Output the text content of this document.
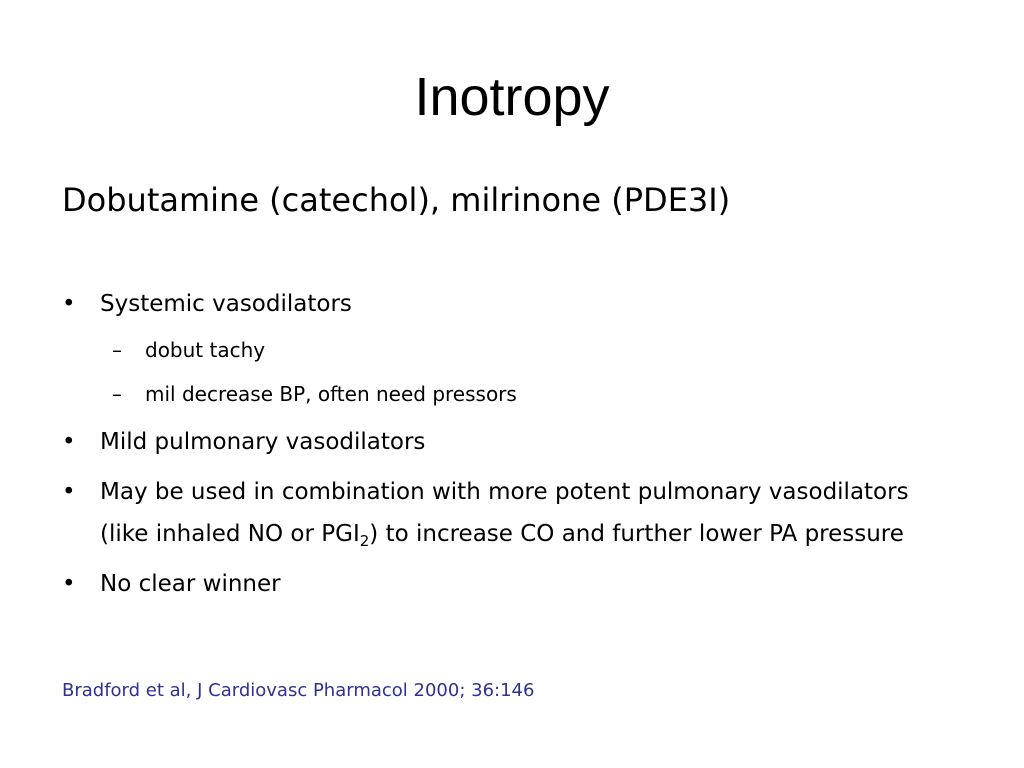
Inotropy
Dobutamine (catechol), milrinone (PDE3I)
• Systemic vasodilators
– dobut tachy
– mil decrease BP, often need pressors
• Mild pulmonary vasodilators
• May be used in combination with more potent pulmonary vasodilators (like inhaled NO or $PGI_2$) to increase CO and further lower PA pressure
• No clear winner
Bradford et al, J Cardiovasc Pharmacol 2000; 36:146
